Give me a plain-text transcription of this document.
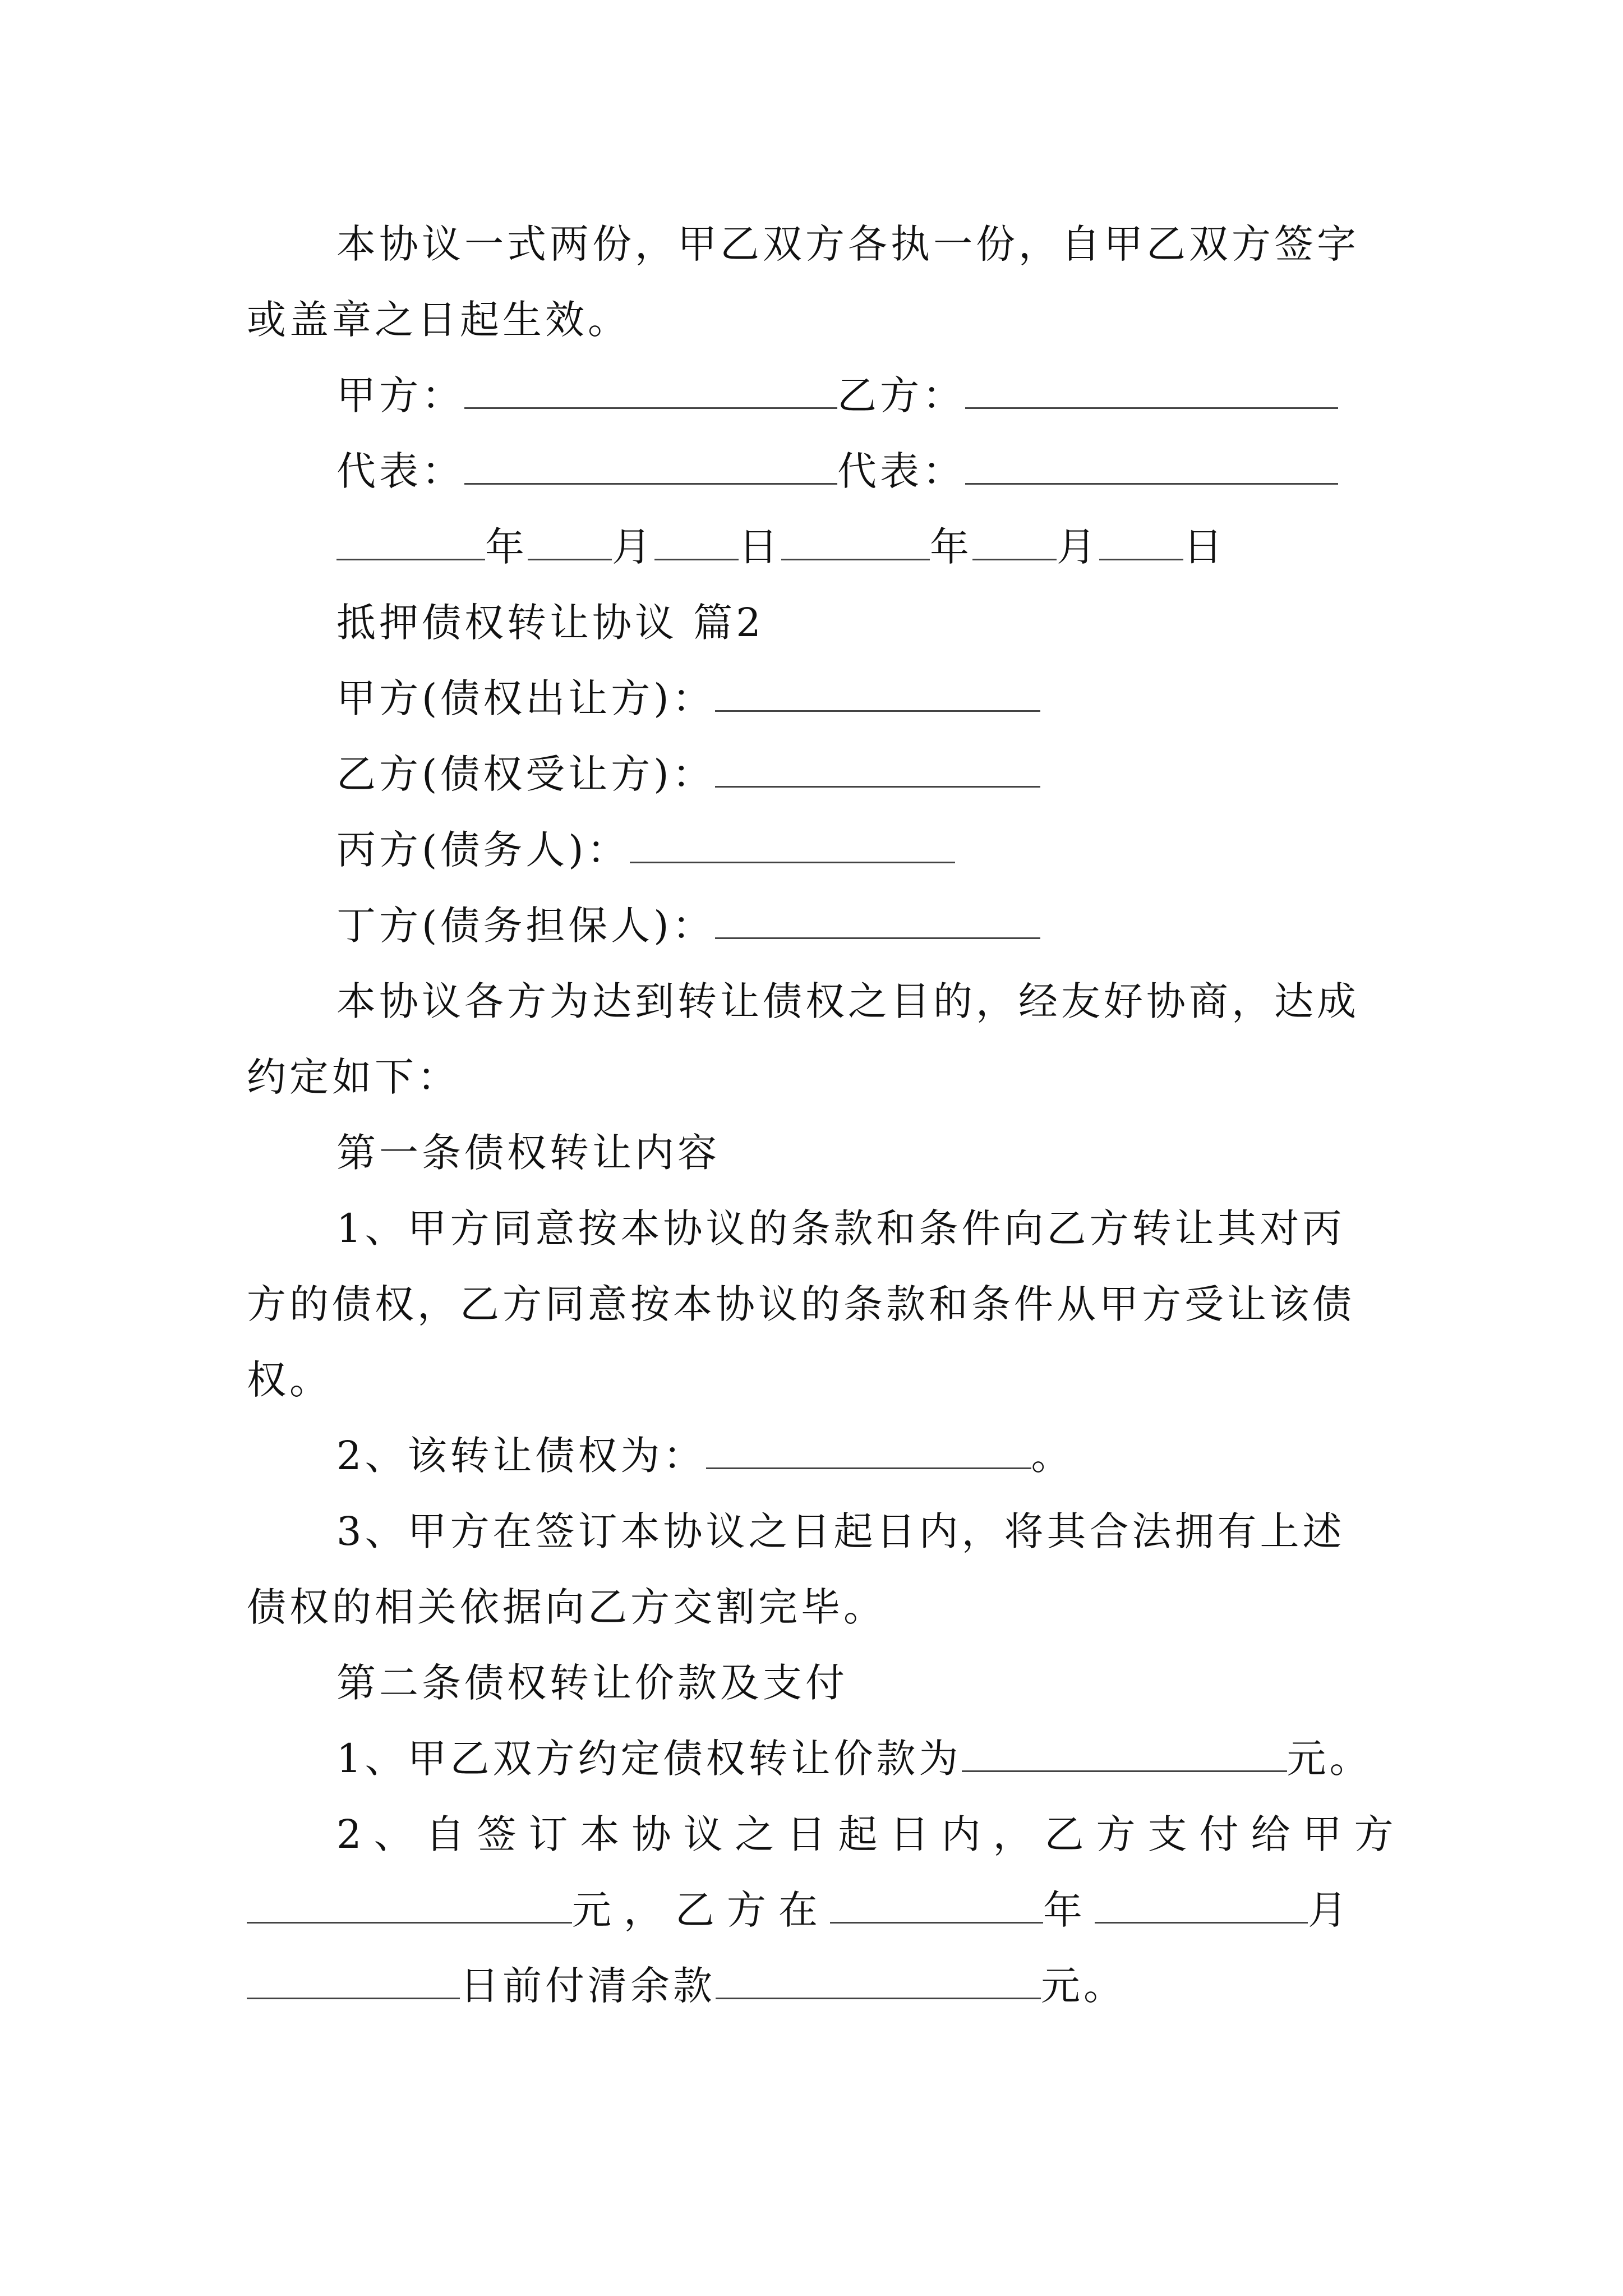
本协议一式两份，甲乙双方各执一份，自甲乙双方签字
或盖章之日起生效。
甲方：	乙方：
代表：	代表：
年 月 日	年 月 日
抵押债权转让协议 篇2
甲方(债权出让方)：
乙方(债权受让方)：
丙方(债务人)：
丁方(债务担保人)：
本协议各方为达到转让债权之目的，经友好协商，达成
约定如下：
第一条债权转让内容
1、甲方同意按本协议的条款和条件向乙方转让其对丙
方的债权，乙方同意按本协议的条款和条件从甲方受让该债
权。
2、该转让债权为：	。
3、甲方在签订本协议之日起日内，将其合法拥有上述
债权的相关依据向乙方交割完毕。
第二条债权转让价款及支付
1、甲乙双方约定债权转让价款为	元。
2、自签订本协议之日起日内，乙方支付给甲方
元，乙方在	年	月
日前付清余款	元。
